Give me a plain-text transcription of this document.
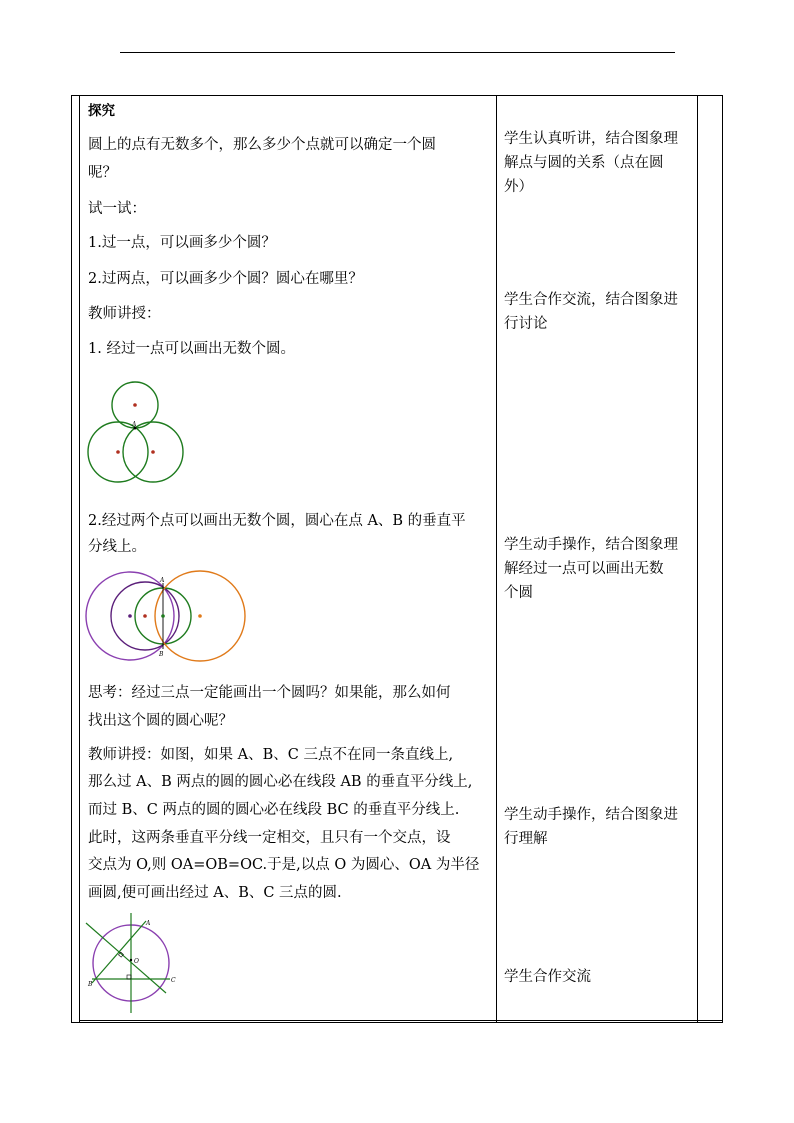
探究
圆上的点有无数多个，那么多少个点就可以确定一个圆
呢？
试一试：
1.过一点，可以画多少个圆？
2.过两点，可以画多少个圆？圆心在哪里？
教师讲授：
1. 经过一点可以画出无数个圆。
A
2.经过两个点可以画出无数个圆，圆心在点 A、B 的垂直平
分线上。
A
B
思考：经过三点一定能画出一个圆吗？如果能，那么如何
找出这个圆的圆心呢？
教师讲授：如图，如果 A、B、C 三点不在同一条直线上,
那么过 A、B 两点的圆的圆心必在线段 AB 的垂直平分线上,
而过 B、C 两点的圆的圆心必在线段 BC 的垂直平分线上.
此时，这两条垂直平分线一定相交，且只有一个交点，设
交点为 O,则 OA=OB=OC.于是,以点 O 为圆心、OA 为半径
画圆,便可画出经过 A、B、C 三点的圆.
A
B
C
O
学生认真听讲，结合图象理
解点与圆的关系（点在圆
外）
学生合作交流，结合图象进
行讨论
学生动手操作，结合图象理
解经过一点可以画出无数
个圆
学生动手操作，结合图象进
行理解
学生合作交流
